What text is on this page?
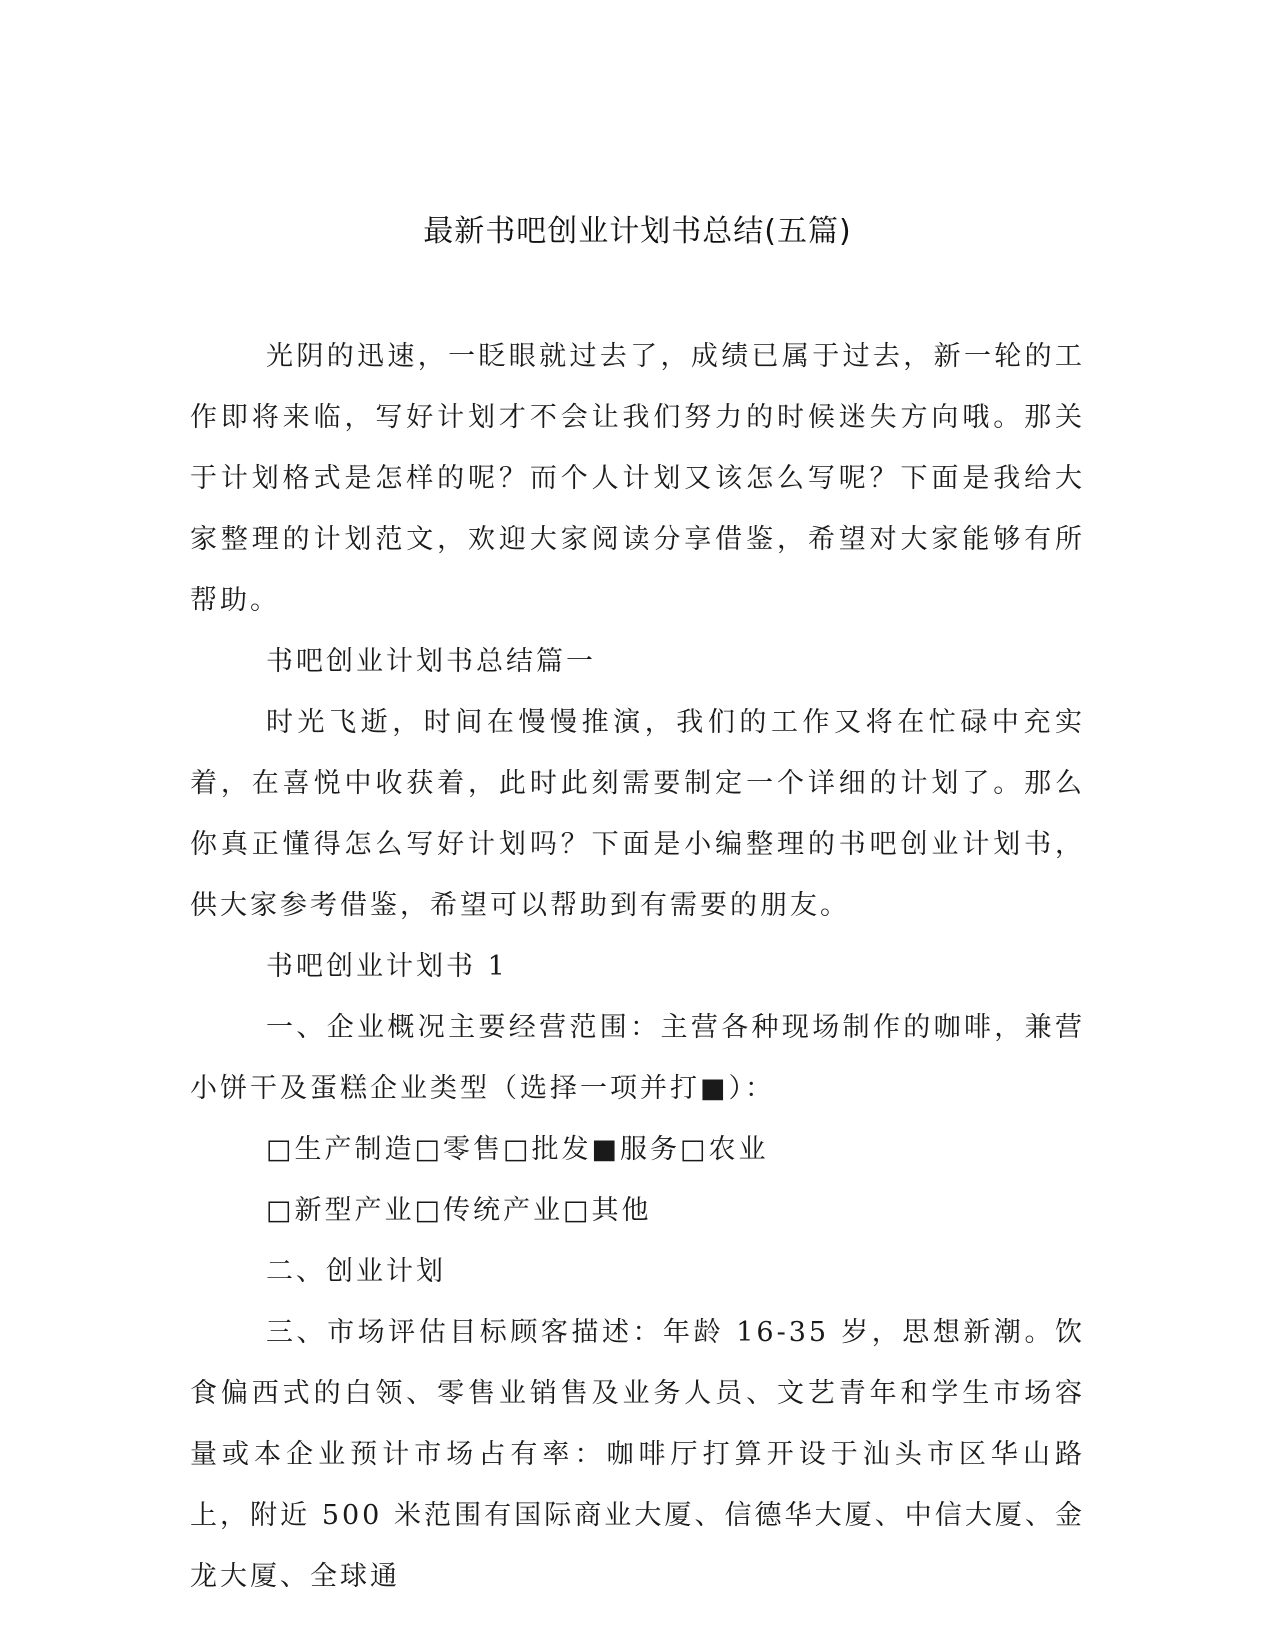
最新书吧创业计划书总结(五篇)

光阴的迅速，一眨眼就过去了，成绩已属于过去，新一轮的工作即将来临，写好计划才不会让我们努力的时候迷失方向哦。那关于计划格式是怎样的呢？而个人计划又该怎么写呢？下面是我给大家整理的计划范文，欢迎大家阅读分享借鉴，希望对大家能够有所帮助。

书吧创业计划书总结篇一

时光飞逝，时间在慢慢推演，我们的工作又将在忙碌中充实着，在喜悦中收获着，此时此刻需要制定一个详细的计划了。那么你真正懂得怎么写好计划吗？下面是小编整理的书吧创业计划书，供大家参考借鉴，希望可以帮助到有需要的朋友。

书吧创业计划书 1

一、企业概况主要经营范围：主营各种现场制作的咖啡，兼营小饼干及蛋糕企业类型（选择一项并打■）：

□生产制造□零售□批发■服务□农业

□新型产业□传统产业□其他

二、创业计划

三、市场评估目标顾客描述：年龄 16-35 岁，思想新潮。饮食偏西式的白领、零售业销售及业务人员、文艺青年和学生市场容量或本企业预计市场占有率：咖啡厅打算开设于汕头市区华山路上，附近 500 米范围有国际商业大厦、信德华大厦、中信大厦、金龙大厦、全球通
